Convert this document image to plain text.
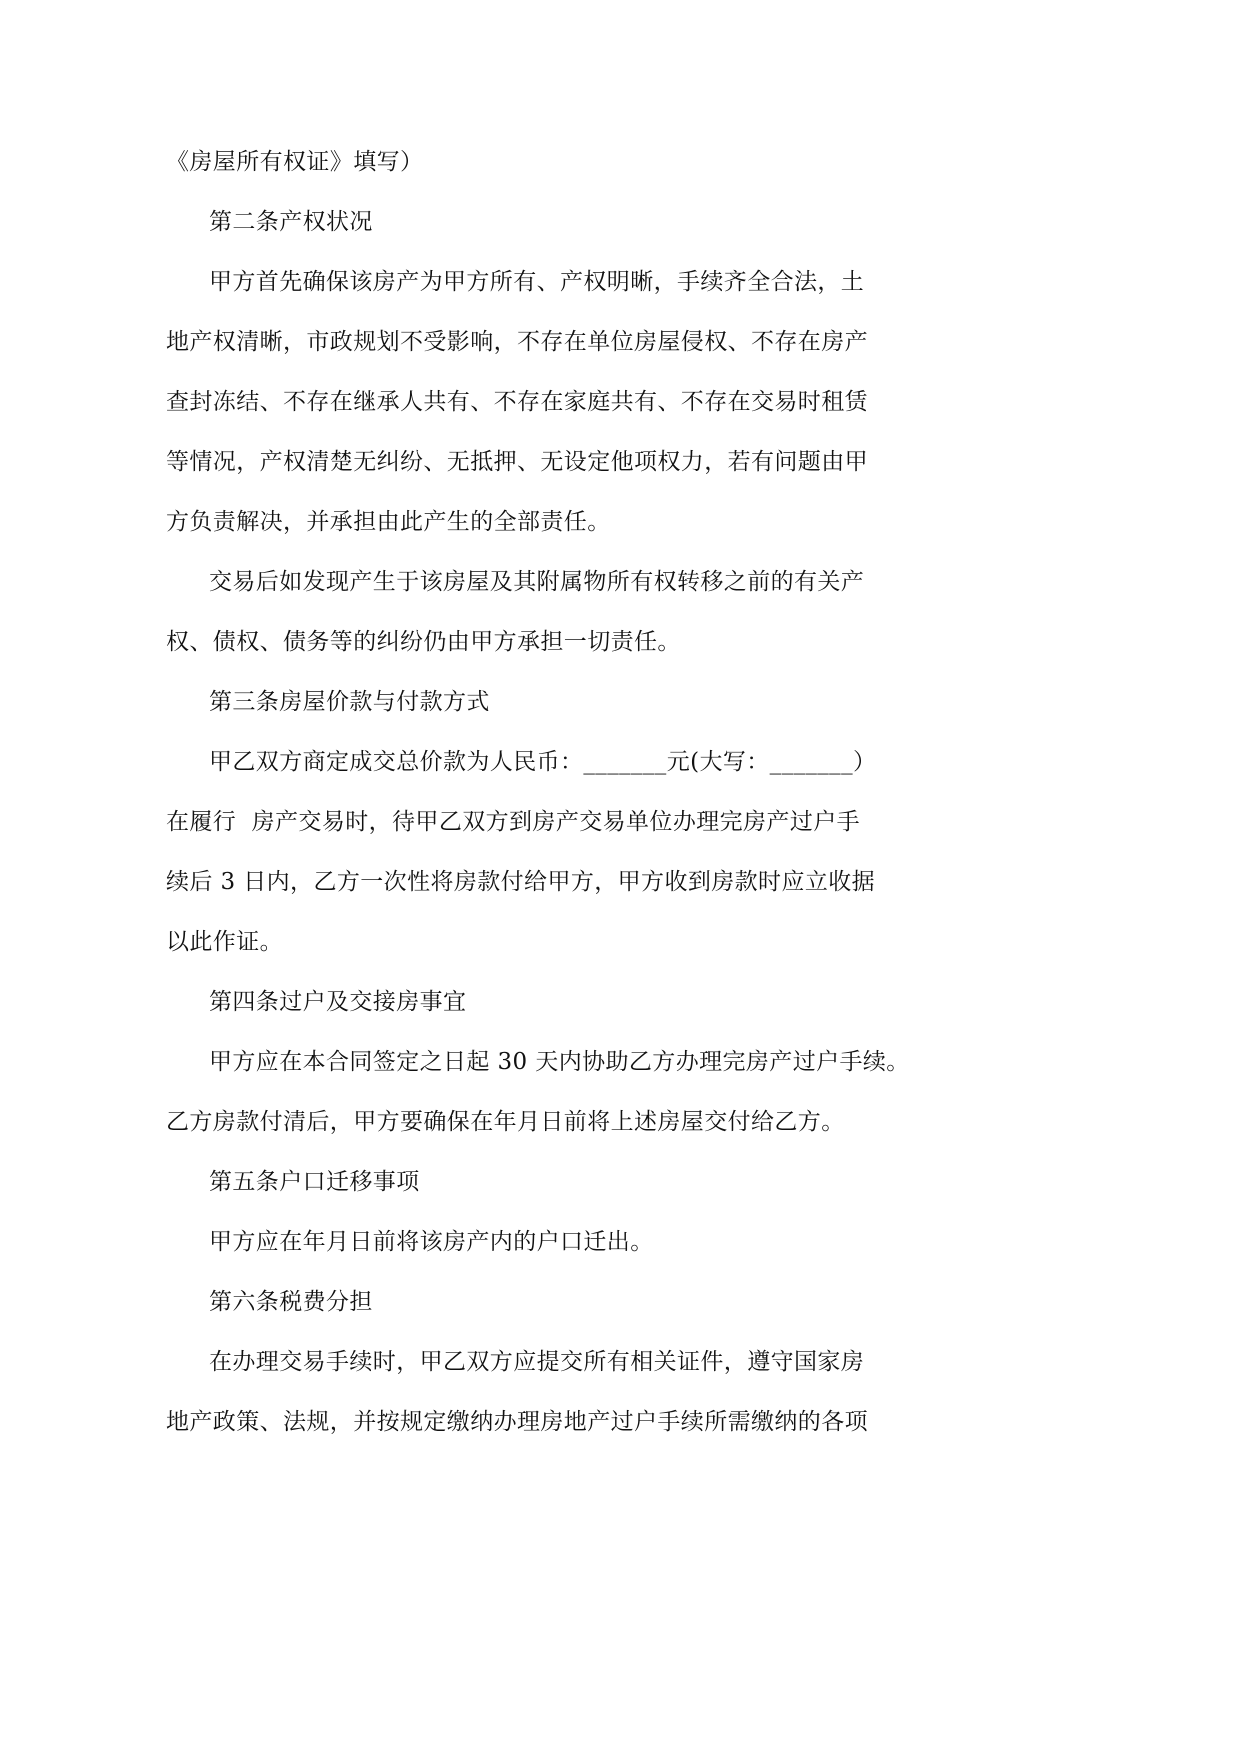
《房屋所有权证》填写）
第二条产权状况
甲方首先确保该房产为甲方所有、产权明晰，手续齐全合法，土
地产权清晰，市政规划不受影响，不存在单位房屋侵权、不存在房产
查封冻结、不存在继承人共有、不存在家庭共有、不存在交易时租赁
等情况，产权清楚无纠纷、无抵押、无设定他项权力，若有问题由甲
方负责解决，并承担由此产生的全部责任。
交易后如发现产生于该房屋及其附属物所有权转移之前的有关产
权、债权、债务等的纠纷仍由甲方承担一切责任。
第三条房屋价款与付款方式
甲乙双方商定成交总价款为人民币：_______元(大写：_______）
在履行  房产交易时，待甲乙双方到房产交易单位办理完房产过户手
续后 3 日内，乙方一次性将房款付给甲方，甲方收到房款时应立收据
以此作证。
第四条过户及交接房事宜
甲方应在本合同签定之日起 30 天内协助乙方办理完房产过户手续。
乙方房款付清后，甲方要确保在年月日前将上述房屋交付给乙方。
第五条户口迁移事项
甲方应在年月日前将该房产内的户口迁出。
第六条税费分担
在办理交易手续时，甲乙双方应提交所有相关证件，遵守国家房
地产政策、法规，并按规定缴纳办理房地产过户手续所需缴纳的各项
